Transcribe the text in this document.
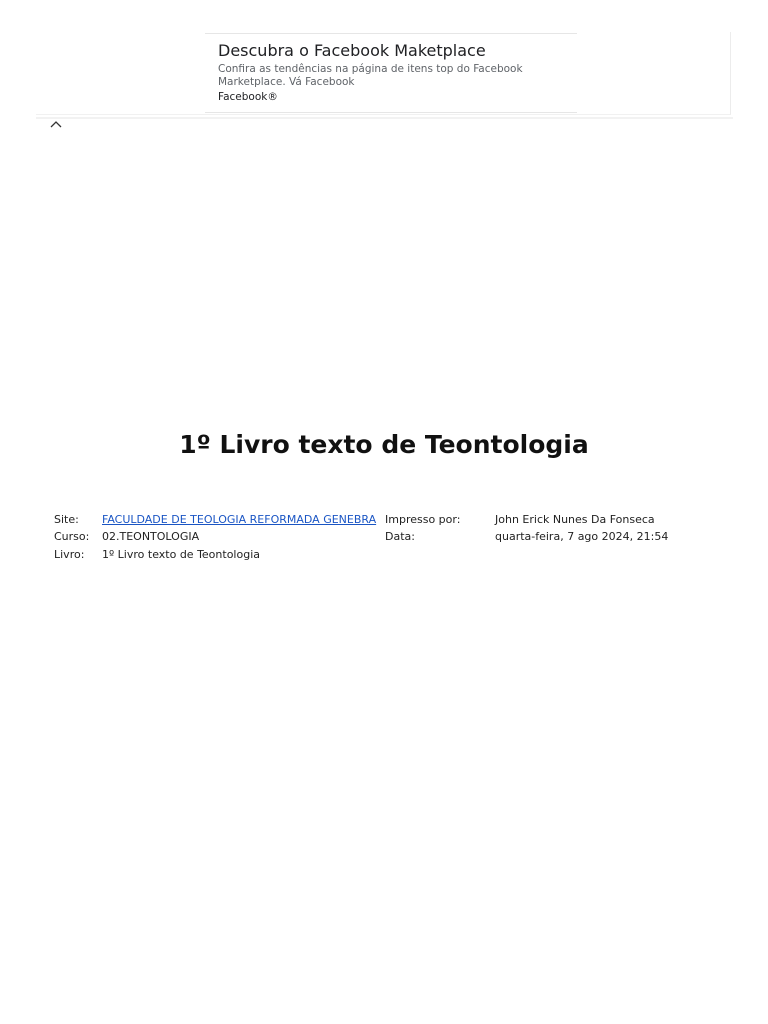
Descubra o Facebook Maketplace
Confira as tendências na página de itens top do Facebook Marketplace. Vá Facebook
Facebook®
1º Livro texto de Teontologia
Site: FACULDADE DE TEOLOGIA REFORMADA GENEBRA
Curso: 02.TEONTOLOGIA
Livro: 1º Livro texto de Teontologia
Impresso por:	John Erick Nunes Da Fonseca
Data:	quarta-feira, 7 ago 2024, 21:54
